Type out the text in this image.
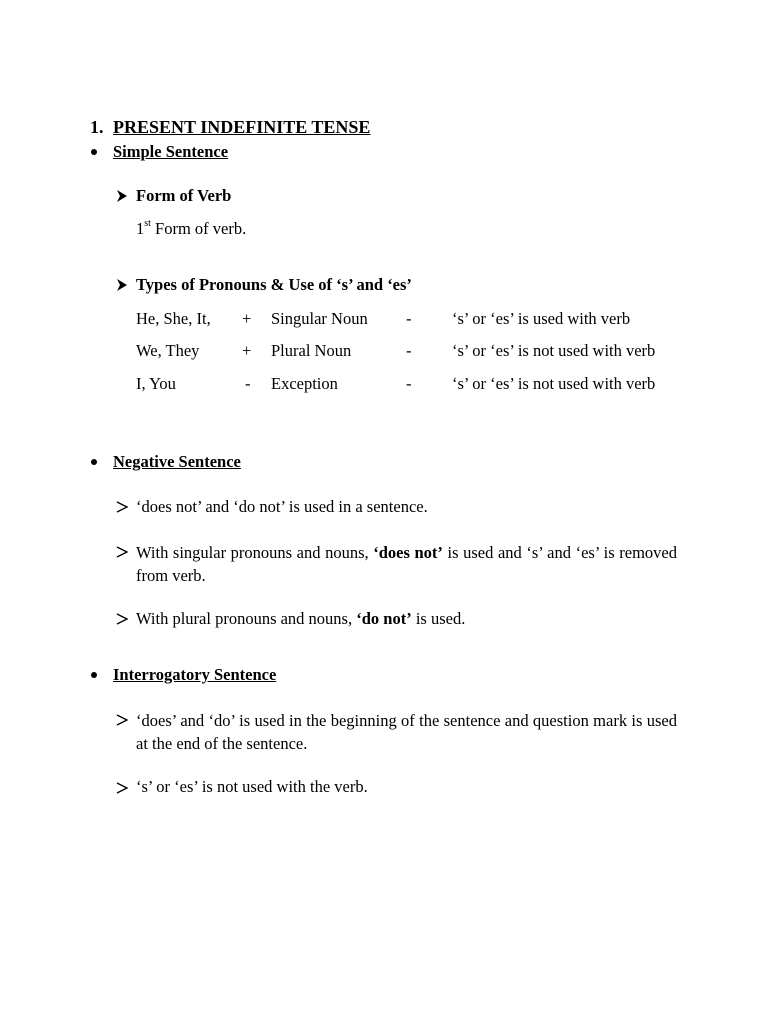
1. PRESENT INDEFINITE TENSE
Simple Sentence
Form of Verb
1st Form of verb.
Types of Pronouns & Use of ‘s’ and ‘es’
He, She, It, + Singular Noun - ‘s’ or ‘es’ is used with verb
We, They	+ Plural Noun	- ‘s’ or ‘es’ is not used with verb
I, You	- Exception	- ‘s’ or ‘es’ is not used with verb
Negative Sentence
‘does not’ and ‘do not’ is used in a sentence.
With singular pronouns and nouns, ‘does not’ is used and ‘s’ and ‘es’ is removed from verb.
With plural pronouns and nouns, ‘do not’ is used.
Interrogatory Sentence
‘does’ and ‘do’ is used in the beginning of the sentence and question mark is used at the end of the sentence.
‘s’ or ‘es’ is not used with the verb.
